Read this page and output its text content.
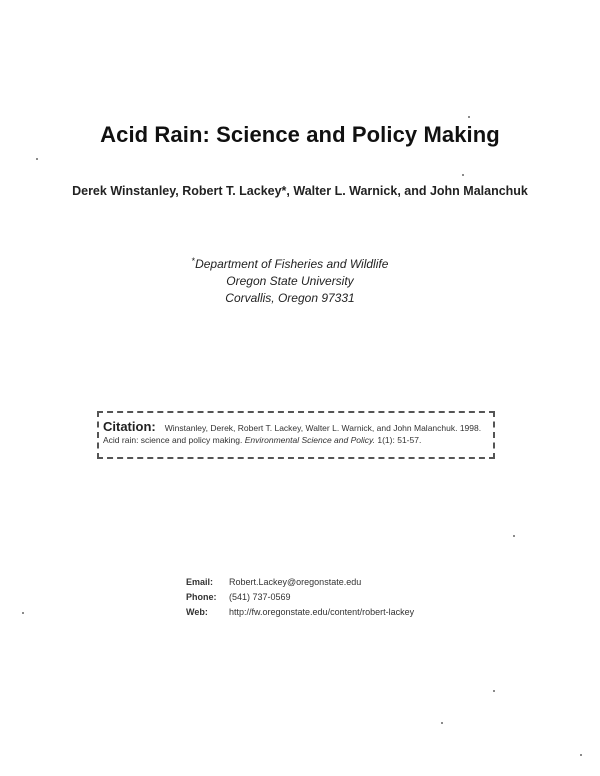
Acid Rain: Science and Policy Making
Derek Winstanley, Robert T. Lackey*, Walter L. Warnick, and John Malanchuk
*Department of Fisheries and Wildlife
Oregon State University
Corvallis, Oregon 97331
Citation: Winstanley, Derek, Robert T. Lackey, Walter L. Warnick, and John Malanchuk. 1998.
Acid rain: science and policy making. Environmental Science and Policy. 1(1): 51-57.
Email:	Robert.Lackey@oregonstate.edu
Phone:	(541) 737-0569
Web:	http://fw.oregonstate.edu/content/robert-lackey
